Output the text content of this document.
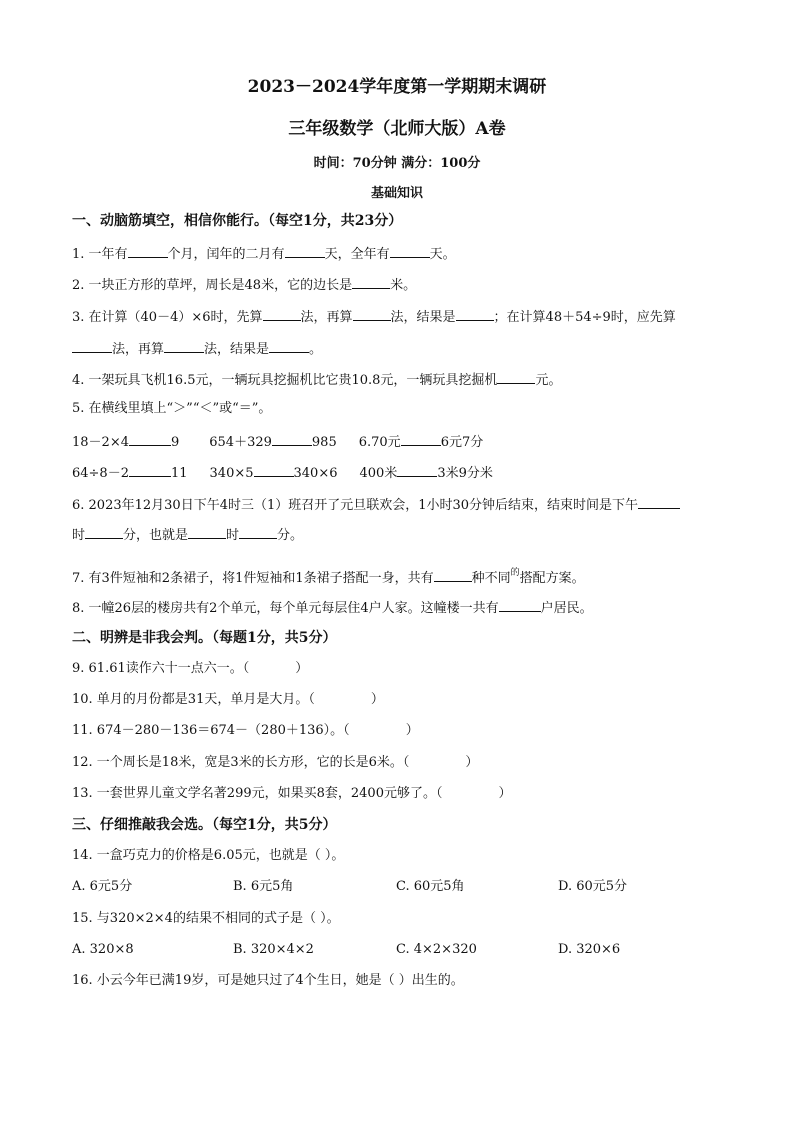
2023－2024学年度第一学期期末调研
三年级数学（北师大版）A卷
时间：70分钟 满分：100分
基础知识
一、动脑筋填空，相信你能行。（每空1分，共23分）
1. 一年有	个月，闰年的二月有	天，全年有	天。
2. 一块正方形的草坪，周长是48米，它的边长是	米。
3. 在计算（40－4）×6时，先算	法，再算	法，结果是	；在计算48＋54÷9时，应先算
法，再算	法，结果是	。
4. 一架玩具飞机16.5元，一辆玩具挖掘机比它贵10.8元，一辆玩具挖掘机	元。
5. 在横线里填上“＞”“＜”或“＝”。
18－2×4	9 654＋329	985 6.70元	6元7分
64÷8－2	11 340×5	340×6 400米	3米9分米
6. 2023年12月30日下午4时三（1）班召开了元旦联欢会，1小时30分钟后结束，结束时间是下午
时	分，也就是	时	分。
7. 有3件短袖和2条裙子，将1件短袖和1条裙子搭配一身，共有	种不同$^的$搭配方案。
8. 一幢26层的楼房共有2个单元，每个单元每层住4户人家。这幢楼一共有	户居民。
二、明辨是非我会判。（每题1分，共5分）
9. 61.61读作六十一点六一。（	）
10. 单月的月份都是31天，单月是大月。（	）
11. 674－280－136＝674－（280＋136）。（	）
12. 一个周长是18米，宽是3米的长方形，它的长是6米。（	）
13. 一套世界儿童文学名著299元，如果买8套，2400元够了。（	）
三、仔细推敲我会选。（每空1分，共5分）
14. 一盒巧克力的价格是6.05元，也就是（ ）。
A. 6元5分	B. 6元5角	C. 60元5角	D. 60元5分
15. 与320×2×4的结果不相同的式子是（ ）。
A. 320×8	B. 320×4×2	C. 4×2×320	D. 320×6
16. 小云今年已满19岁，可是她只过了4个生日，她是（ ）出生的。
